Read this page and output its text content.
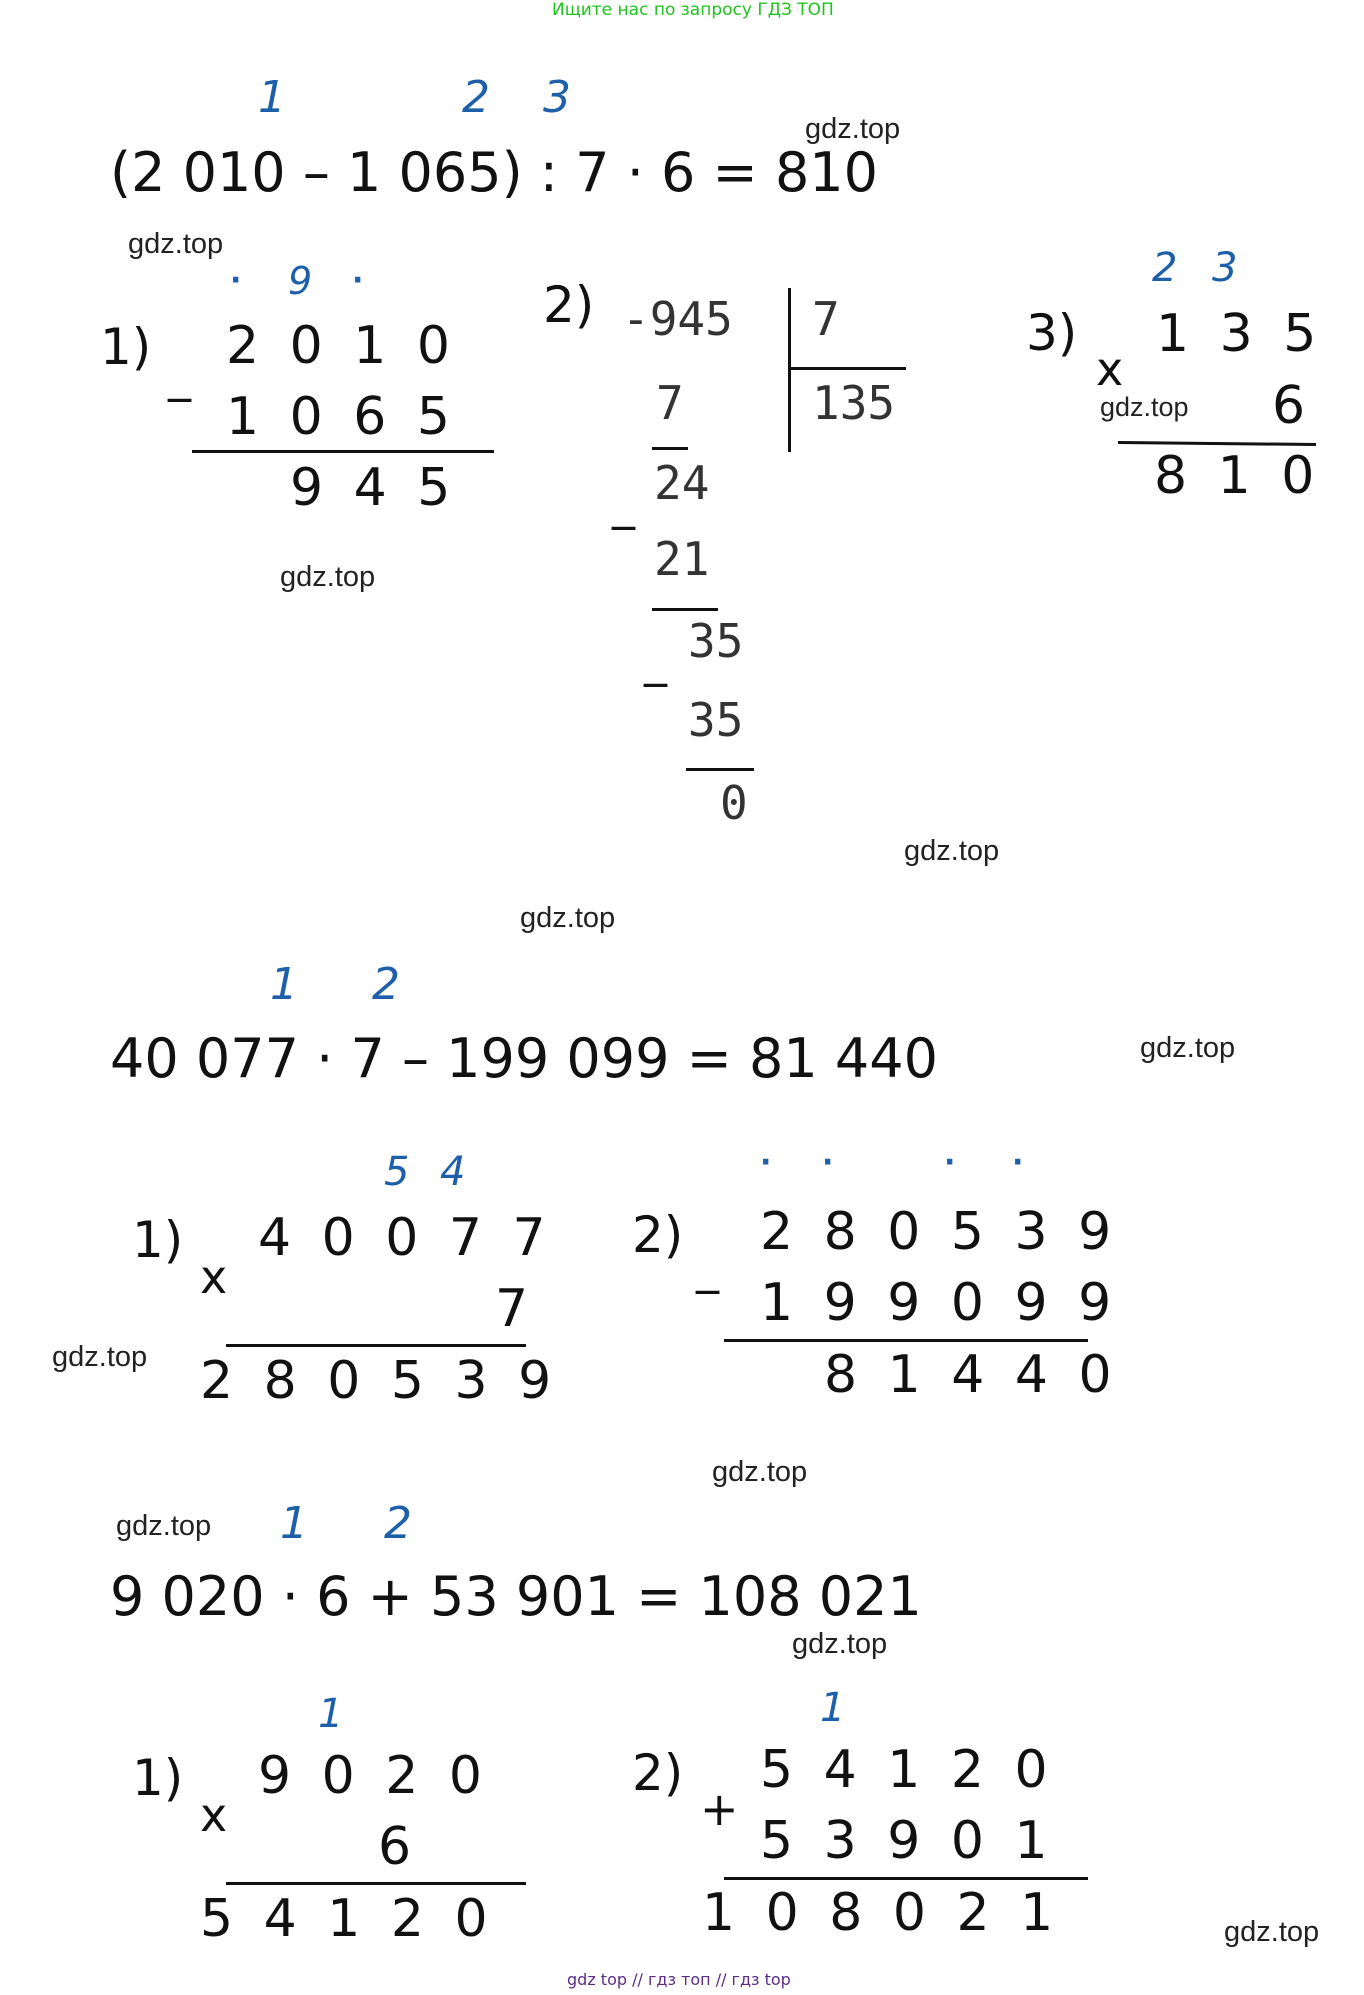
Ищите нас по запросу ГДЗ ТОП
gdz top // гдз топ // гдз top
gdz.top
gdz.top
gdz.top
gdz.top
gdz.top
gdz.top
gdz.top
gdz.top
gdz.top
gdz.top
gdz.top
gdz.top
1	2 3
(2 010 – 1 065) : 7 · 6 = 810
1)
· 9 ·
_ 2 0 1 0
1 0 6 5
9 4 5
2) -945 7
135
7
_ 24
21
_ 35
35
0
3)
2 3
x
1 3 5
6
8 1 0
1 2
40 077 · 7 – 199 099 = 81 440
1)
5 4
x
4 0 0 7 7
7
2 8 0 5 3 9
2)
· ·	· ·
_
2 8 0 5 3 9
1 9 9 0 9 9
8 1 4 4 0
1 2
9 020 · 6 + 53 901 = 108 021
1)
1
x
9 0 2 0
6
5 4 1 2 0
2)
1
+
5 4 1 2 0
5 3 9 0 1
1 0 8 0 2 1
